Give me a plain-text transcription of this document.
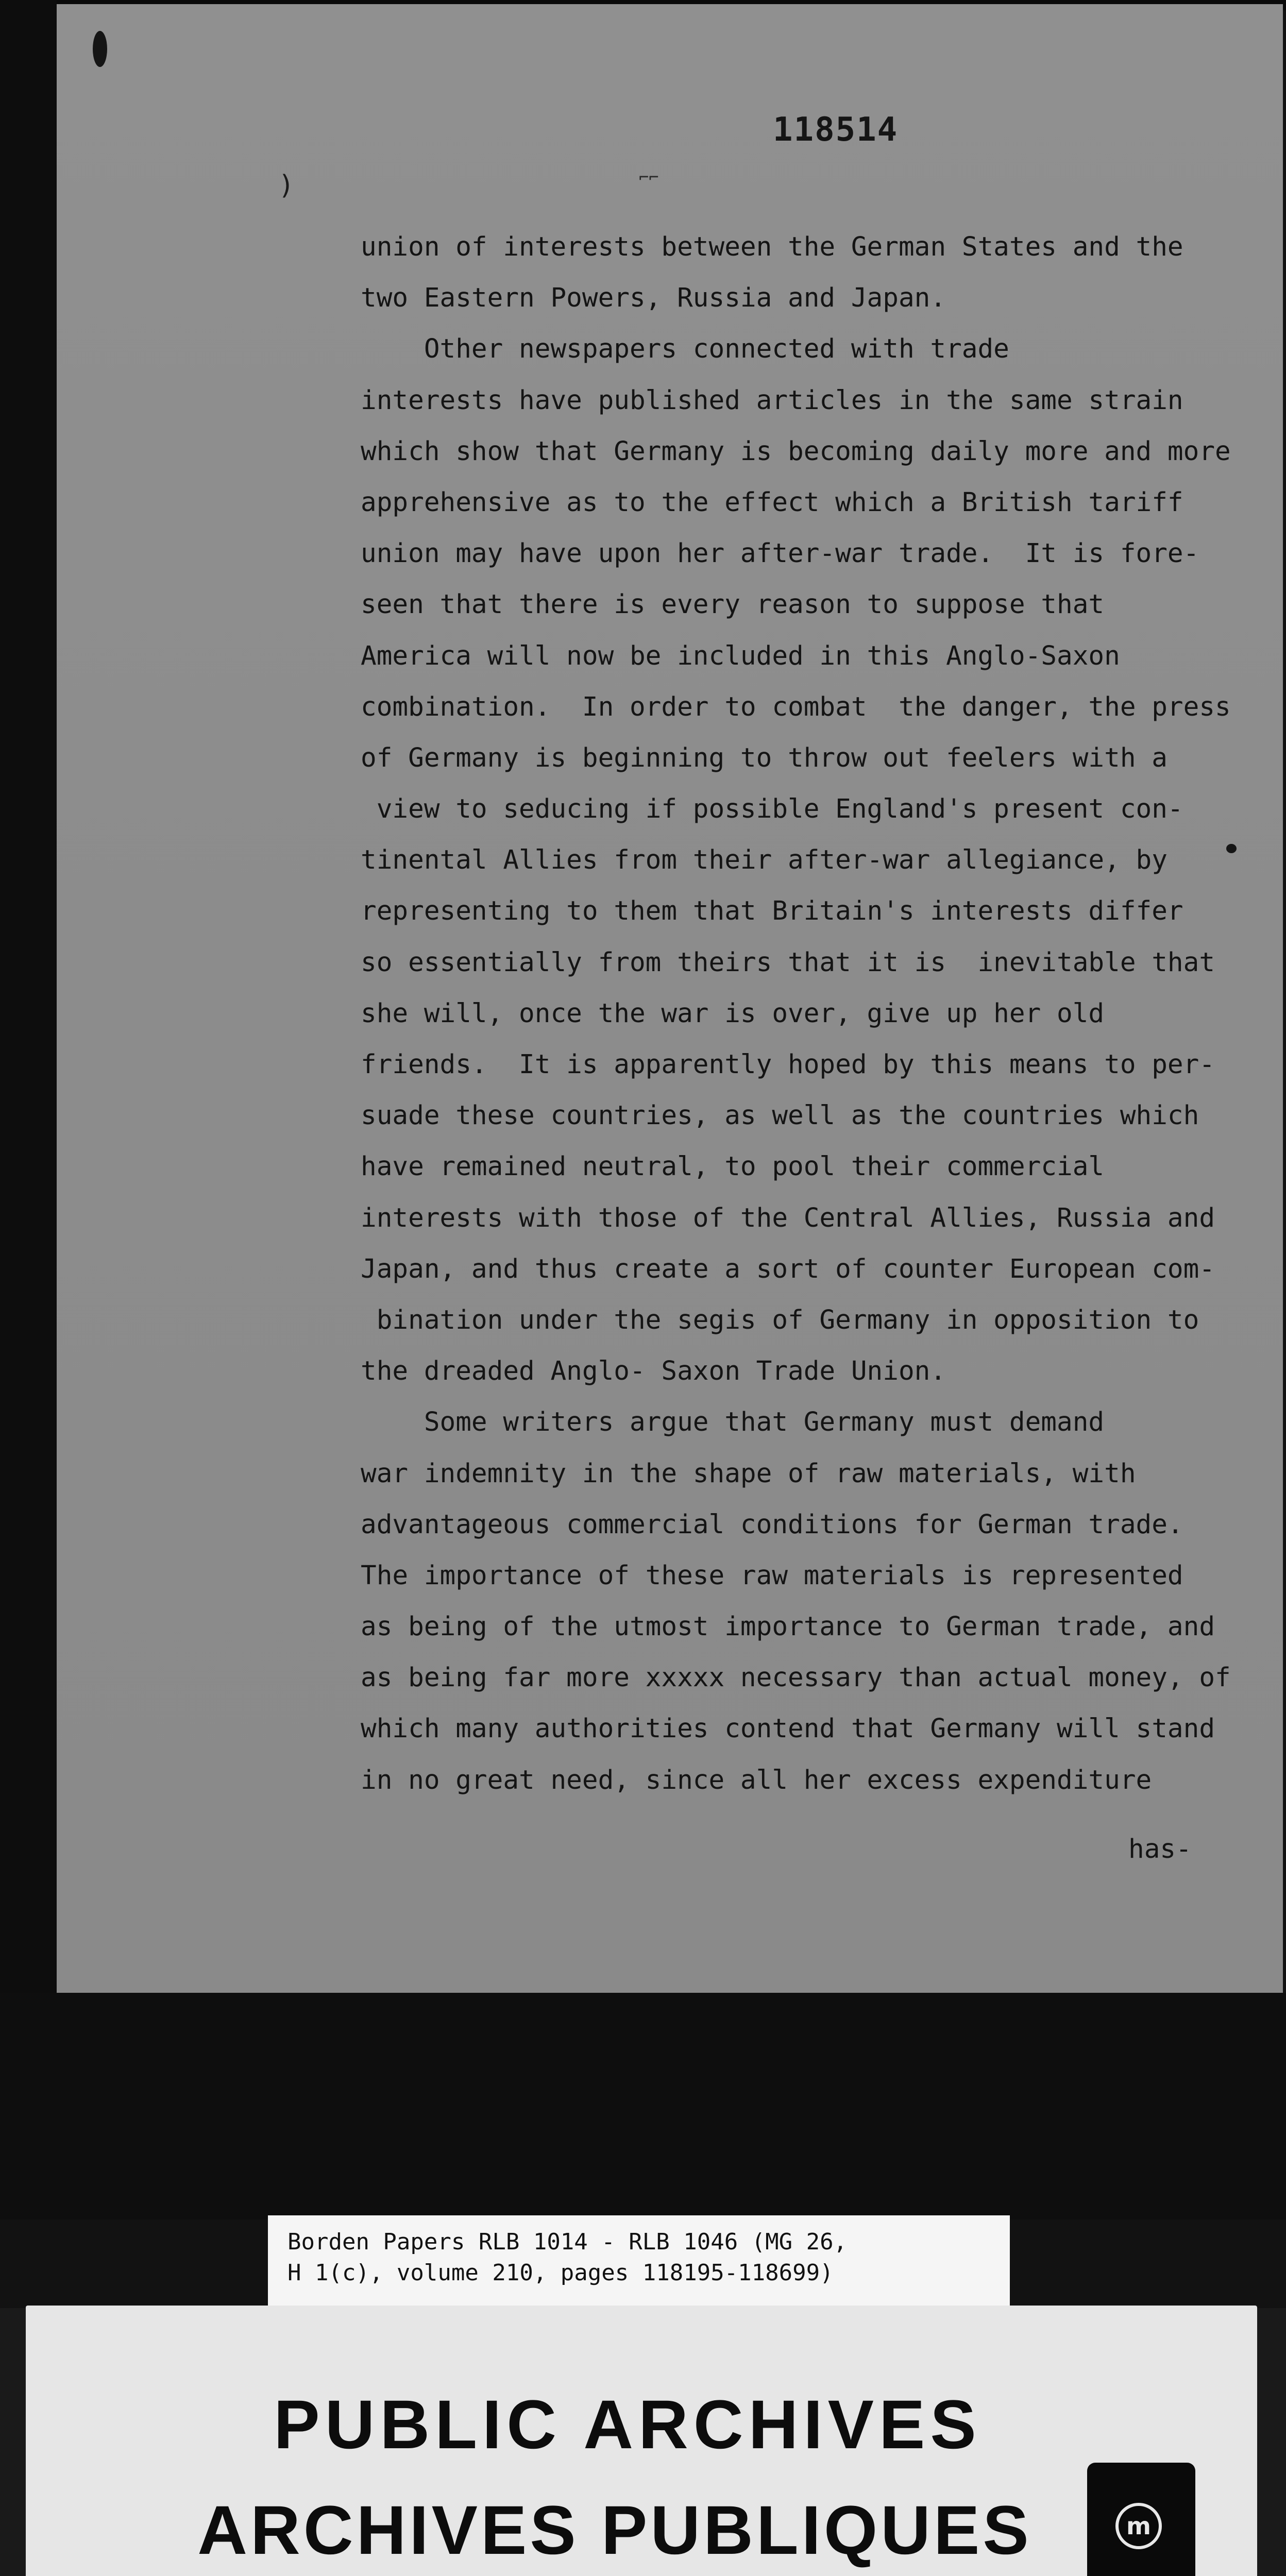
118514
)	⌐⌐
union of interests between the German States and the
two Eastern Powers, Russia and Japan.
Other newspapers connected with trade
interests have published articles in the same strain
which show that Germany is becoming daily more and more
apprehensive as to the effect which a British tariff
union may have upon her after-war trade.  It is fore-
seen that there is every reason to suppose that
America will now be included in this Anglo-Saxon
combination.  In order to combat  the danger, the press
of Germany is beginning to throw out feelers with a
view to seducing if possible England's present con-
tinental Allies from their after-war allegiance, by
representing to them that Britain's interests differ
so essentially from theirs that it is  inevitable that
she will, once the war is over, give up her old
friends.  It is apparently hoped by this means to per-
suade these countries, as well as the countries which
have remained neutral, to pool their commercial
interests with those of the Central Allies, Russia and
Japan, and thus create a sort of counter European com-
bination under the segis of Germany in opposition to
the dreaded Anglo- Saxon Trade Union.
Some writers argue that Germany must demand
war indemnity in the shape of raw materials, with
advantageous commercial conditions for German trade.
The importance of these raw materials is represented
as being of the utmost importance to German trade, and
as being far more xxxxx necessary than actual money, of
which many authorities contend that Germany will stand
in no great need, since all her excess expenditure
has-
Borden Papers RLB 1014 - RLB 1046 (MG 26,
H 1(c), volume 210, pages 118195-118699)
PUBLIC ARCHIVES
ARCHIVES PUBLIQUES	m
